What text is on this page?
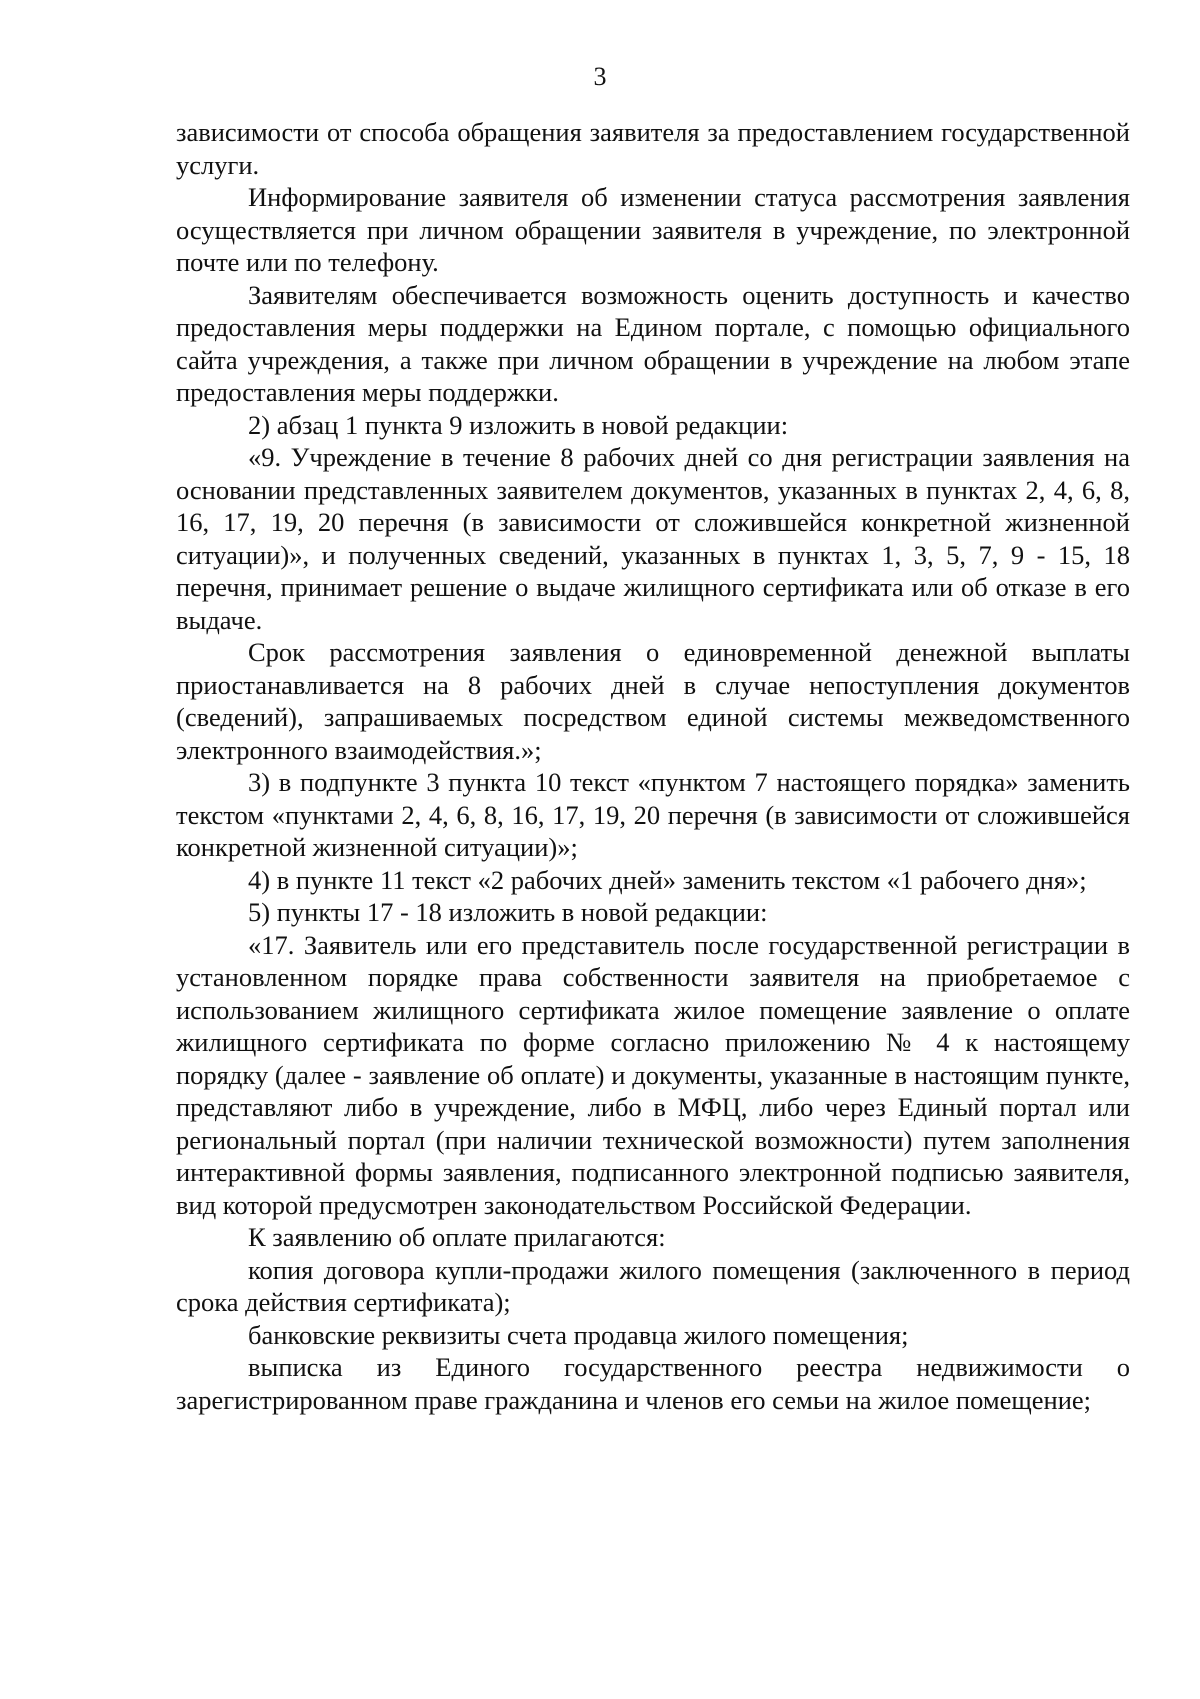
3

зависимости от способа обращения заявителя за предоставлением государственной услуги.

Информирование заявителя об изменении статуса рассмотрения заявления осуществляется при личном обращении заявителя в учреждение, по электронной почте или по телефону.

Заявителям обеспечивается возможность оценить доступность и качество предоставления меры поддержки на Едином портале, с помощью официального сайта учреждения, а также при личном обращении в учреждение на любом этапе предоставления меры поддержки.

2) абзац 1 пункта 9 изложить в новой редакции:

«9. Учреждение в течение 8 рабочих дней со дня регистрации заявления на основании представленных заявителем документов, указанных в пунктах 2, 4, 6, 8, 16, 17, 19, 20 перечня (в зависимости от сложившейся конкретной жизненной ситуации)», и полученных сведений, указанных в пунктах 1, 3, 5, 7, 9 - 15, 18 перечня, принимает решение о выдаче жилищного сертификата или об отказе в его выдаче.

Срок рассмотрения заявления о единовременной денежной выплаты приостанавливается на 8 рабочих дней в случае непоступления документов (сведений), запрашиваемых посредством единой системы межведомственного электронного взаимодействия.»;

3) в подпункте 3 пункта 10 текст «пунктом 7 настоящего порядка» заменить текстом «пунктами 2, 4, 6, 8, 16, 17, 19, 20 перечня (в зависимости от сложившейся конкретной жизненной ситуации)»;

4) в пункте 11 текст «2 рабочих дней» заменить текстом «1 рабочего дня»;

5) пункты 17 - 18 изложить в новой редакции:

«17. Заявитель или его представитель после государственной регистрации в установленном порядке права собственности заявителя на приобретаемое с использованием жилищного сертификата жилое помещение заявление о оплате жилищного сертификата по форме согласно приложению № 4 к настоящему порядку (далее - заявление об оплате) и документы, указанные в настоящим пункте, представляют либо в учреждение, либо в МФЦ, либо через Единый портал или региональный портал (при наличии технической возможности) путем заполнения интерактивной формы заявления, подписанного электронной подписью заявителя, вид которой предусмотрен законодательством Российской Федерации.

К заявлению об оплате прилагаются:

копия договора купли-продажи жилого помещения (заключенного в период срока действия сертификата);

банковские реквизиты счета продавца жилого помещения;

выписка из Единого государственного реестра недвижимости о зарегистрированном праве гражданина и членов его семьи на жилое помещение;
